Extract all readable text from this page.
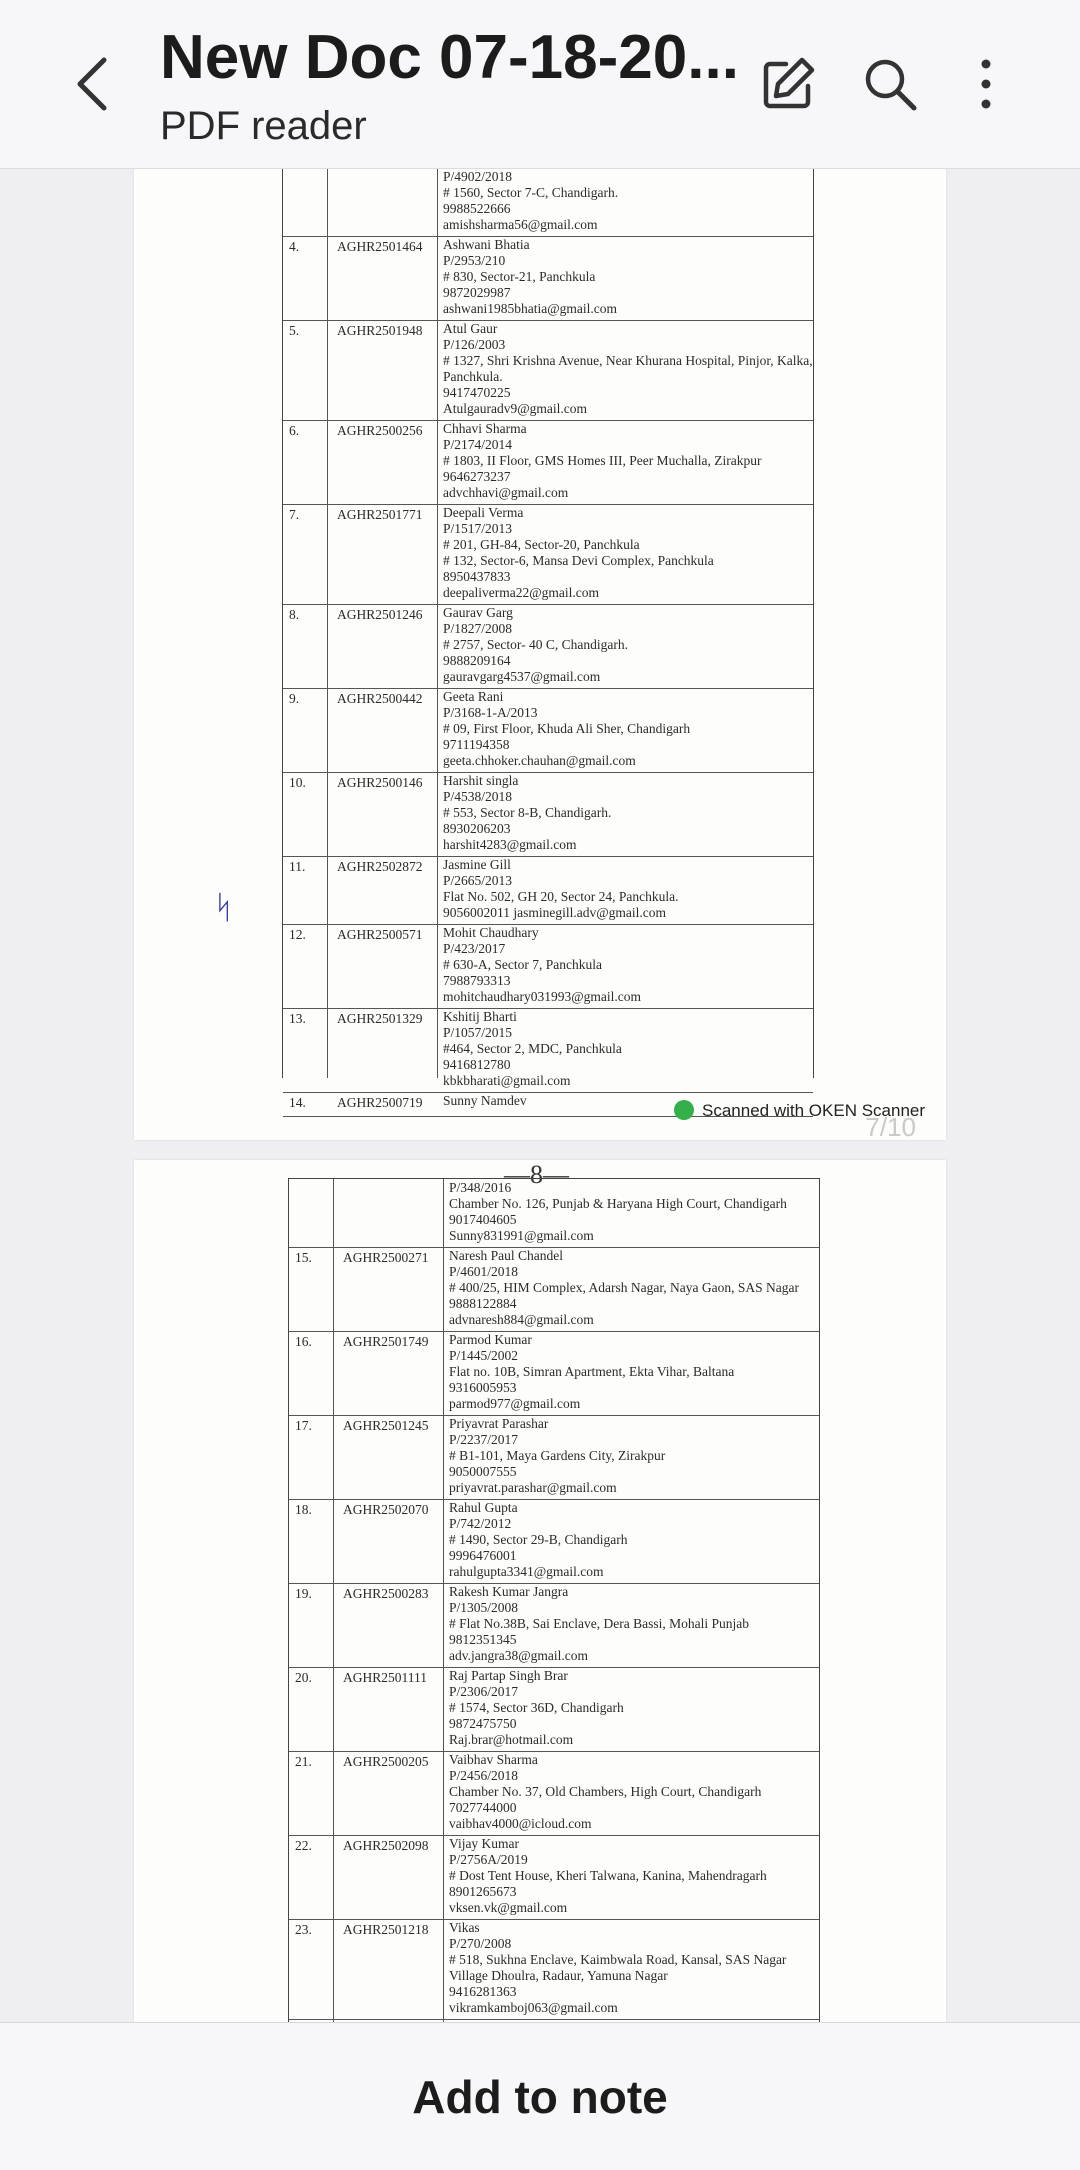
New Doc 07-18-20...
PDF reader
P/4902/2018
# 1560, Sector 7-C, Chandigarh.
9988522666
amishsharma56@gmail.com
4.	AGHR2501464 Ashwani Bhatia
P/2953/210
# 830, Sector-21, Panchkula
9872029987
ashwani1985bhatia@gmail.com
5.	AGHR2501948 Atul Gaur
P/126/2003
# 1327, Shri Krishna Avenue, Near Khurana Hospital, Pinjor, Kalka,
Panchkula.
9417470225
Atulgauradv9@gmail.com
6.	AGHR2500256 Chhavi Sharma
P/2174/2014
# 1803, II Floor, GMS Homes III, Peer Muchalla, Zirakpur
9646273237
advchhavi@gmail.com
7.	AGHR2501771 Deepali Verma
P/1517/2013
# 201, GH-84, Sector-20, Panchkula
# 132, Sector-6, Mansa Devi Complex, Panchkula
8950437833
deepaliverma22@gmail.com
8.	AGHR2501246 Gaurav Garg
P/1827/2008
# 2757, Sector- 40 C, Chandigarh.
9888209164
gauravgarg4537@gmail.com
9.	AGHR2500442 Geeta Rani
P/3168-1-A/2013
# 09, First Floor, Khuda Ali Sher, Chandigarh
9711194358
geeta.chhoker.chauhan@gmail.com
10. AGHR2500146 Harshit singla
P/4538/2018
# 553, Sector 8-B, Chandigarh.
8930206203
harshit4283@gmail.com
11. AGHR2502872 Jasmine Gill
P/2665/2013
Flat No. 502, GH 20, Sector 24, Panchkula.
9056002011 jasminegill.adv@gmail.com
12. AGHR2500571 Mohit Chaudhary
P/423/2017
# 630-A, Sector 7, Panchkula
7988793313
mohitchaudhary031993@gmail.com
13. AGHR2501329 Kshitij Bharti
P/1057/2015
#464, Sector 2, MDC, Panchkula
9416812780
kbkbharati@gmail.com
14. AGHR2500719 Sunny Namdev
ᛋ
Scanned with OKEN Scanner
7/10
—8—
P/348/2016
Chamber No. 126, Punjab & Haryana High Court, Chandigarh
9017404605
Sunny831991@gmail.com
15. AGHR2500271 Naresh Paul Chandel
P/4601/2018
# 400/25, HIM Complex, Adarsh Nagar, Naya Gaon, SAS Nagar
9888122884
advnaresh884@gmail.com
16. AGHR2501749 Parmod Kumar
P/1445/2002
Flat no. 10B, Simran Apartment, Ekta Vihar, Baltana
9316005953
parmod977@gmail.com
17. AGHR2501245 Priyavrat Parashar
P/2237/2017
# B1-101, Maya Gardens City, Zirakpur
9050007555
priyavrat.parashar@gmail.com
18. AGHR2502070 Rahul Gupta
P/742/2012
# 1490, Sector 29-B, Chandigarh
9996476001
rahulgupta3341@gmail.com
19. AGHR2500283 Rakesh Kumar Jangra
P/1305/2008
# Flat No.38B, Sai Enclave, Dera Bassi, Mohali Punjab
9812351345
adv.jangra38@gmail.com
20. AGHR2501111 Raj Partap Singh Brar
P/2306/2017
# 1574, Sector 36D, Chandigarh
9872475750
Raj.brar@hotmail.com
21. AGHR2500205 Vaibhav Sharma
P/2456/2018
Chamber No. 37, Old Chambers, High Court, Chandigarh
7027744000
vaibhav4000@icloud.com
22. AGHR2502098 Vijay Kumar
P/2756A/2019
# Dost Tent House, Kheri Talwana, Kanina, Mahendragarh
8901265673
vksen.vk@gmail.com
23. AGHR2501218 Vikas
P/270/2008
# 518, Sukhna Enclave, Kaimbwala Road, Kansal, SAS Nagar
Village Dhoulra, Radaur, Yamuna Nagar
9416281363
vikramkamboj063@gmail.com
Add to note
